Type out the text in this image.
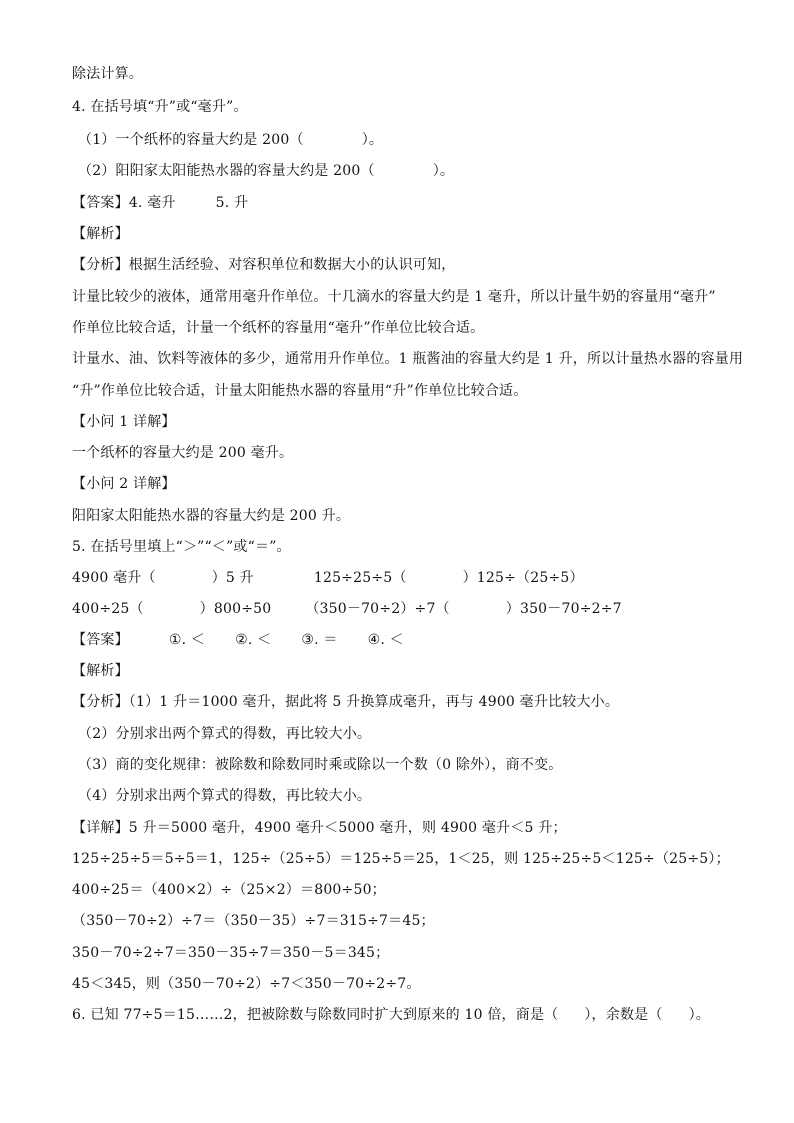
除法计算。
4. 在括号填“升”或“毫升”。
（1）一个纸杯的容量大约是 200（	）。
（2）阳阳家太阳能热水器的容量大约是 200（	）。
【答案】4. 毫升	5. 升
【解析】
【分析】根据生活经验、对容积单位和数据大小的认识可知，
计量比较少的液体，通常用毫升作单位。十几滴水的容量大约是 1 毫升，所以计量牛奶的容量用“毫升”
作单位比较合适，计量一个纸杯的容量用“毫升”作单位比较合适。
计量水、油、饮料等液体的多少，通常用升作单位。1 瓶酱油的容量大约是 1 升，所以计量热水器的容量用
“升”作单位比较合适，计量太阳能热水器的容量用“升”作单位比较合适。
【小问 1 详解】
一个纸杯的容量大约是 200 毫升。
【小问 2 详解】
阳阳家太阳能热水器的容量大约是 200 升。
5. 在括号里填上“＞”“＜”或“＝”。
4900 毫升（	）5 升	125÷25÷5（	）125÷（25÷5）
400÷25（	）800÷50 （350－70÷2）÷7（	）350－70÷2÷7
【答案】	①. ＜ ②. ＜ ③. ＝ ④. ＜
【解析】
【分析】（1）1 升＝1000 毫升，据此将 5 升换算成毫升，再与 4900 毫升比较大小。
（2）分别求出两个算式的得数，再比较大小。
（3）商的变化规律：被除数和除数同时乘或除以一个数（0 除外），商不变。
（4）分别求出两个算式的得数，再比较大小。
【详解】5 升＝5000 毫升，4900 毫升＜5000 毫升，则 4900 毫升＜5 升；
125÷25÷5＝5÷5＝1，125÷（25÷5）＝125÷5＝25，1＜25，则 125÷25÷5＜125÷（25÷5）；
400÷25＝（400×2）÷（25×2）＝800÷50；
（350－70÷2）÷7＝（350－35）÷7＝315÷7＝45；
350－70÷2÷7＝350－35÷7＝350－5＝345；
45＜345，则（350－70÷2）÷7＜350－70÷2÷7。
6. 已知 77÷5＝15……2，把被除数与除数同时扩大到原来的 10 倍，商是（ ），余数是（ ）。
